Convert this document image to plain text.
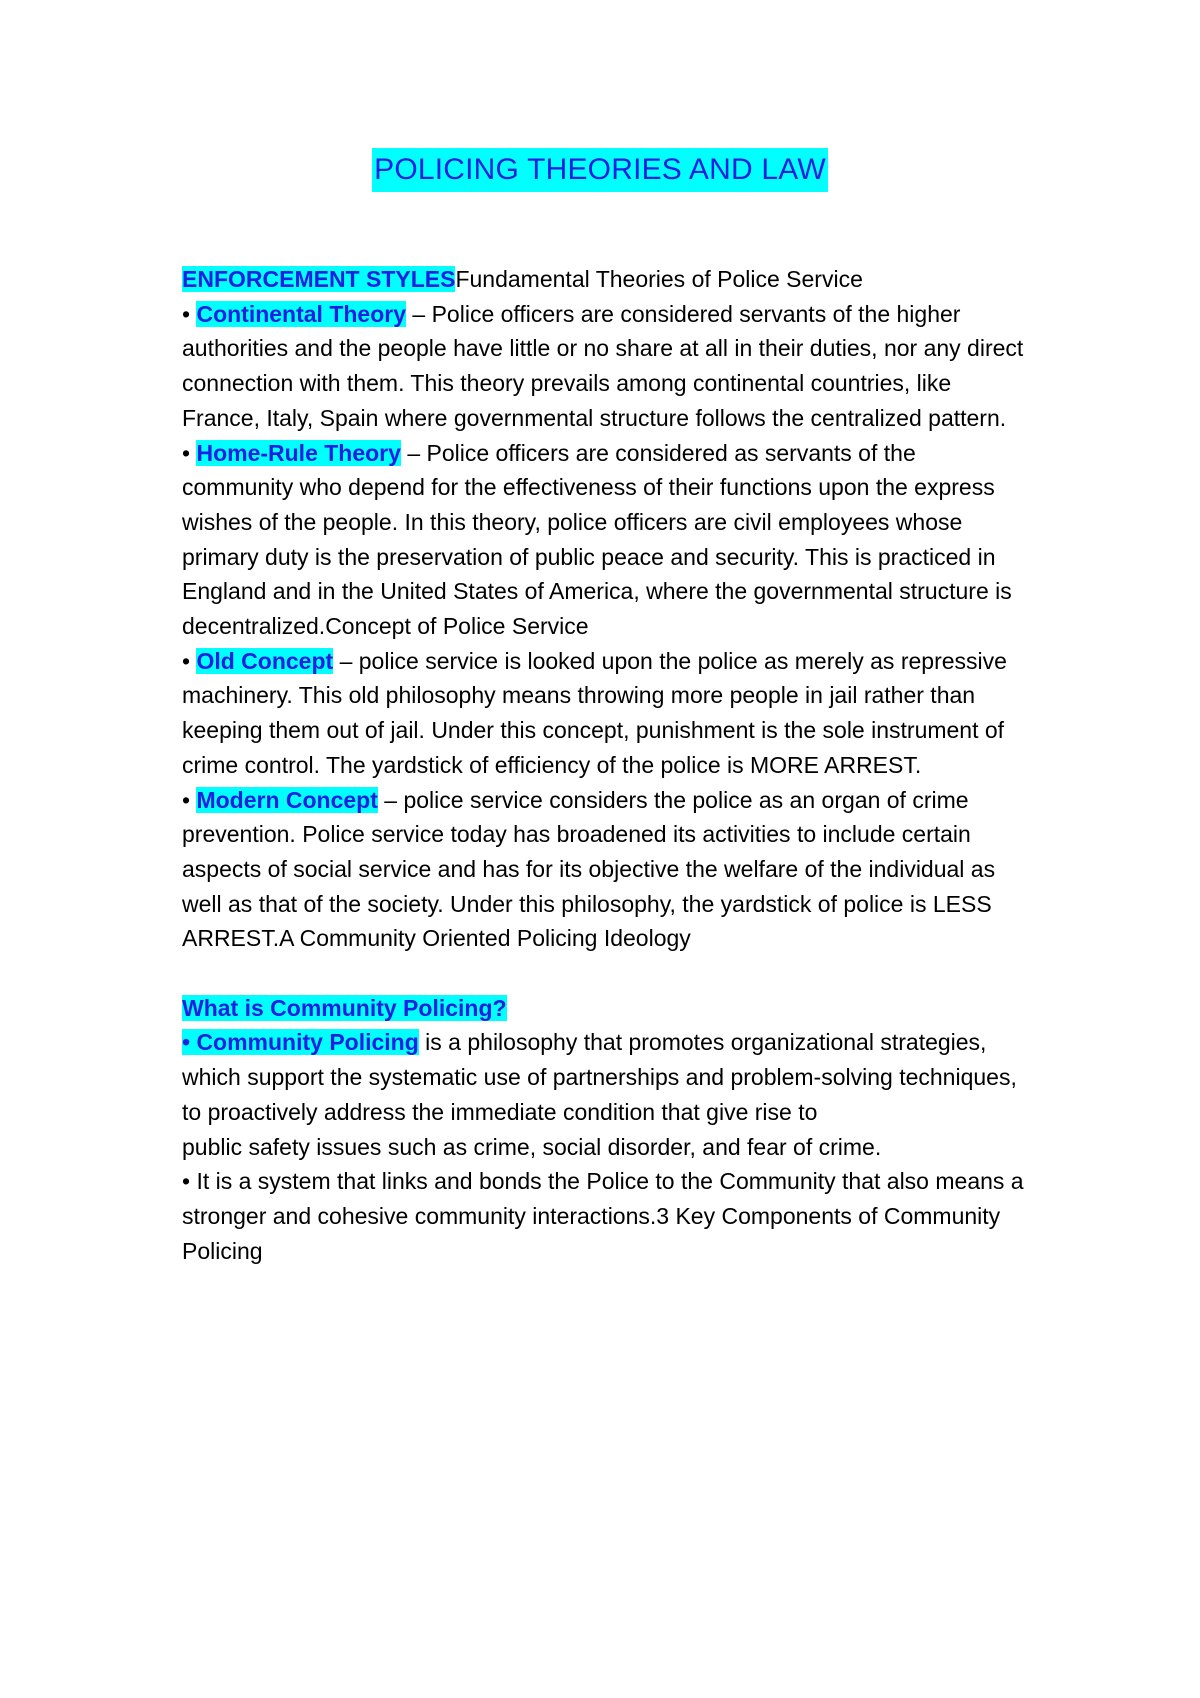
POLICING THEORIES AND LAW

ENFORCEMENT STYLESFundamental Theories of Police Service

• Continental Theory – Police officers are considered servants of the higher authorities and the people have little or no share at all in their duties, nor any direct connection with them. This theory prevails among continental countries, like France, Italy, Spain where governmental structure follows the centralized pattern.

• Home-Rule Theory – Police officers are considered as servants of the community who depend for the effectiveness of their functions upon the express wishes of the people. In this theory, police officers are civil employees whose primary duty is the preservation of public peace and security. This is practiced in England and in the United States of America, where the governmental structure is decentralized.Concept of Police Service

• Old Concept – police service is looked upon the police as merely as repressive machinery. This old philosophy means throwing more people in jail rather than keeping them out of jail. Under this concept, punishment is the sole instrument of crime control. The yardstick of efficiency of the police is MORE ARREST.

• Modern Concept – police service considers the police as an organ of crime prevention. Police service today has broadened its activities to include certain aspects of social service and has for its objective the welfare of the individual as well as that of the society. Under this philosophy, the yardstick of police is LESS ARREST.A Community Oriented Policing Ideology

What is Community Policing?

• Community Policing is a philosophy that promotes organizational strategies,

which support the systematic use of partnerships and problem-solving techniques, to proactively address the immediate condition that give rise to

public safety issues such as crime, social disorder, and fear of crime.

• It is a system that links and bonds the Police to the Community that also means a

stronger and cohesive community interactions.3 Key Components of Community Policing
